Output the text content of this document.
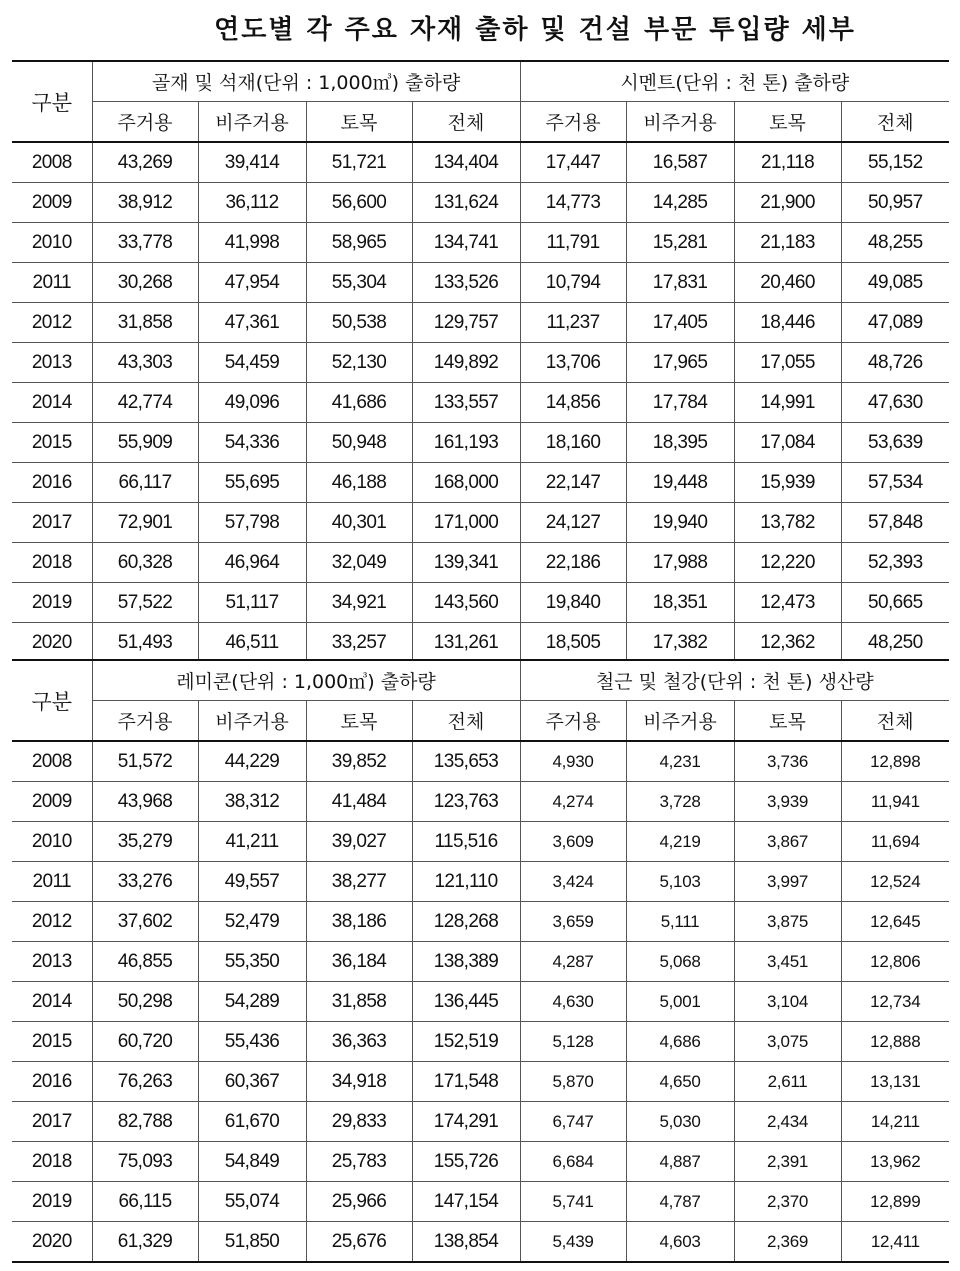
연도별 각 주요 자재 출하 및 건설 부문 투입량 세부
구분	골재 및 석재(단위 : 1,000㎥) 출하량				시멘트(단위 : 천 톤) 출하량			
	주거용	비주거용	토목	전체	주거용	비주거용	토목	전체
2008	43,269	39,414	51,721	134,404	17,447	16,587	21,118	55,152
2009	38,912	36,112	56,600	131,624	14,773	14,285	21,900	50,957
2010	33,778	41,998	58,965	134,741	11,791	15,281	21,183	48,255
2011	30,268	47,954	55,304	133,526	10,794	17,831	20,460	49,085
2012	31,858	47,361	50,538	129,757	11,237	17,405	18,446	47,089
2013	43,303	54,459	52,130	149,892	13,706	17,965	17,055	48,726
2014	42,774	49,096	41,686	133,557	14,856	17,784	14,991	47,630
2015	55,909	54,336	50,948	161,193	18,160	18,395	17,084	53,639
2016	66,117	55,695	46,188	168,000	22,147	19,448	15,939	57,534
2017	72,901	57,798	40,301	171,000	24,127	19,940	13,782	57,848
2018	60,328	46,964	32,049	139,341	22,186	17,988	12,220	52,393
2019	57,522	51,117	34,921	143,560	19,840	18,351	12,473	50,665
2020	51,493	46,511	33,257	131,261	18,505	17,382	12,362	48,250
구분	레미콘(단위 : 1,000㎥) 출하량				철근 및 철강(단위 : 천 톤) 생산량			
	주거용	비주거용	토목	전체	주거용	비주거용	토목	전체
2008	51,572	44,229	39,852	135,653	4,930	4,231	3,736	12,898
2009	43,968	38,312	41,484	123,763	4,274	3,728	3,939	11,941
2010	35,279	41,211	39,027	115,516	3,609	4,219	3,867	11,694
2011	33,276	49,557	38,277	121,110	3,424	5,103	3,997	12,524
2012	37,602	52,479	38,186	128,268	3,659	5,111	3,875	12,645
2013	46,855	55,350	36,184	138,389	4,287	5,068	3,451	12,806
2014	50,298	54,289	31,858	136,445	4,630	5,001	3,104	12,734
2015	60,720	55,436	36,363	152,519	5,128	4,686	3,075	12,888
2016	76,263	60,367	34,918	171,548	5,870	4,650	2,611	13,131
2017	82,788	61,670	29,833	174,291	6,747	5,030	2,434	14,211
2018	75,093	54,849	25,783	155,726	6,684	4,887	2,391	13,962
2019	66,115	55,074	25,966	147,154	5,741	4,787	2,370	12,899
2020	61,329	51,850	25,676	138,854	5,439	4,603	2,369	12,411
